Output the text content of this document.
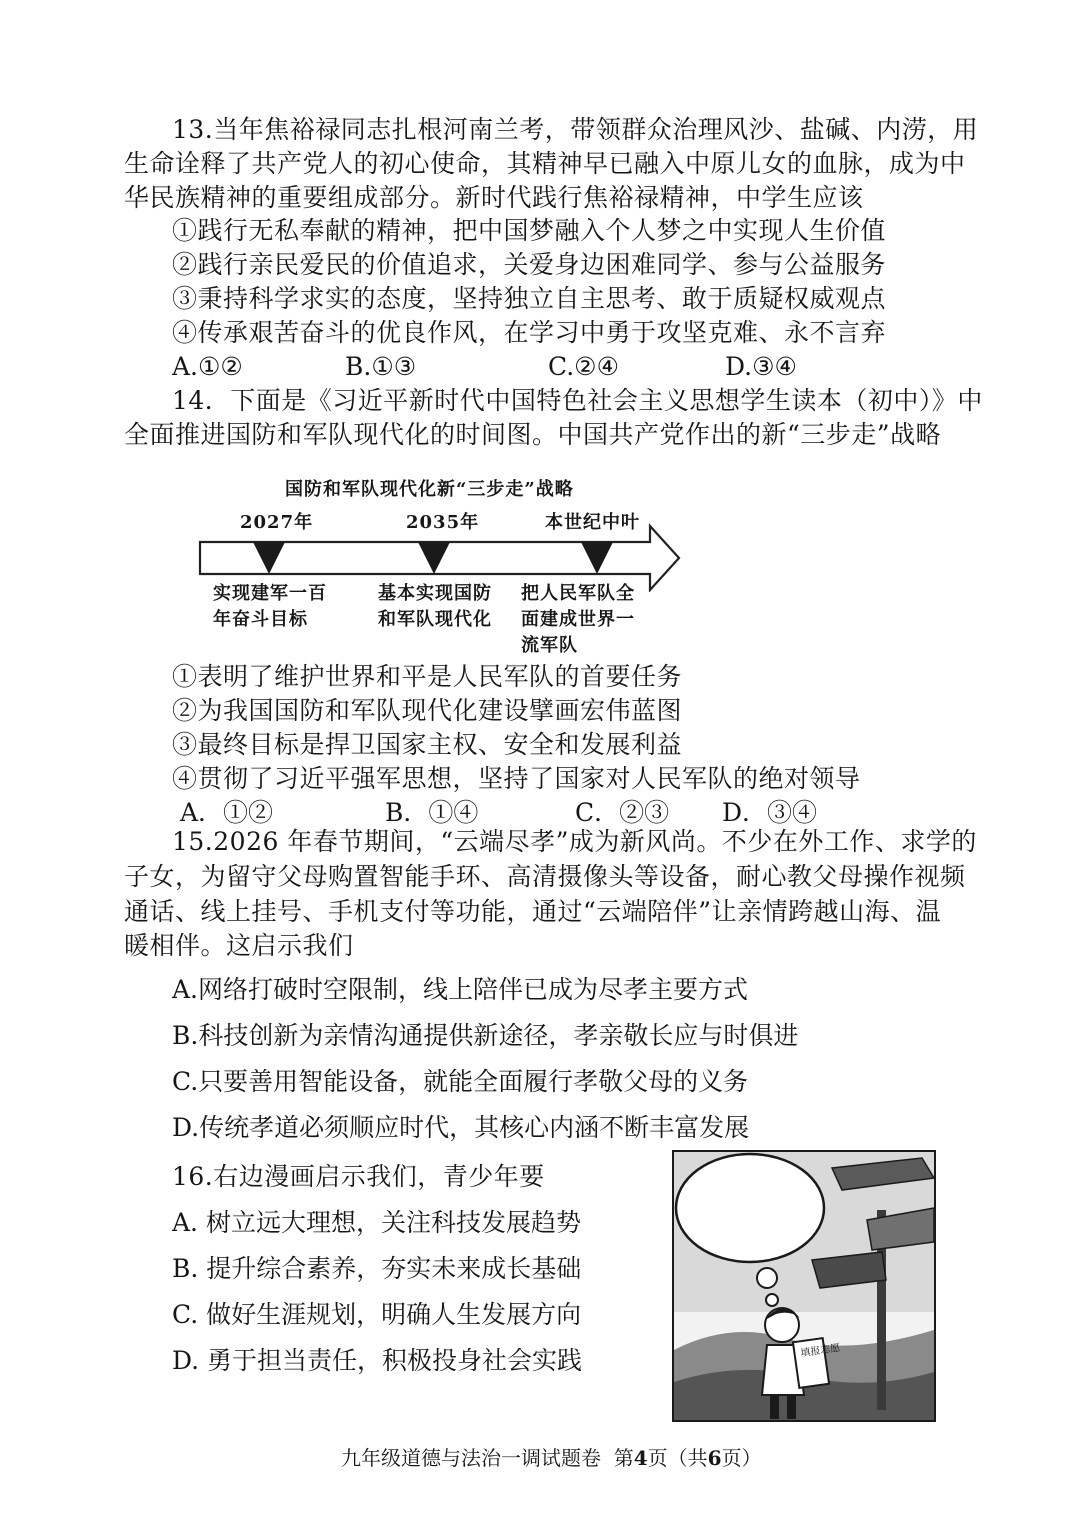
13.当年焦裕禄同志扎根河南兰考，带领群众治理风沙、盐碱、内涝，用
生命诠释了共产党人的初心使命，其精神早已融入中原儿女的血脉，成为中
华民族精神的重要组成部分。新时代践行焦裕禄精神，中学生应该
①践行无私奉献的精神，把中国梦融入个人梦之中实现人生价值
②践行亲民爱民的价值追求，关爱身边困难同学、参与公益服务
③秉持科学求实的态度，坚持独立自主思考、敢于质疑权威观点
④传承艰苦奋斗的优良作风，在学习中勇于攻坚克难、永不言弃
A.①②	B.①③	C.②④	D.③④
14．下面是《习近平新时代中国特色社会主义思想学生读本（初中）》中
全面推进国防和军队现代化的时间图。中国共产党作出的新“三步走”战略
国防和军队现代化新“三步走”战略
2027年	2035年	本世纪中叶
实现建军一百
年奋斗目标
基本实现国防
和军队现代化
把人民军队全
面建成世界一
流军队
①表明了维护世界和平是人民军队的首要任务
②为我国国防和军队现代化建设擘画宏伟蓝图
③最终目标是捍卫国家主权、安全和发展利益
④贯彻了习近平强军思想，坚持了国家对人民军队的绝对领导
A．①②	B．①④	C．②③ D．③④
15.2026 年春节期间，“云端尽孝”成为新风尚。不少在外工作、求学的
子女，为留守父母购置智能手环、高清摄像头等设备，耐心教父母操作视频
通话、线上挂号、手机支付等功能，通过“云端陪伴”让亲情跨越山海、温
暖相伴。这启示我们
A.网络打破时空限制，线上陪伴已成为尽孝主要方式
B.科技创新为亲情沟通提供新途径，孝亲敬长应与时俱进
C.只要善用智能设备，就能全面履行孝敬父母的义务
D.传统孝道必须顺应时代，其核心内涵不断丰富发展
16.右边漫画启示我们，青少年要
A. 树立远大理想，关注科技发展趋势
B. 提升综合素养，夯实未来成长基础
C. 做好生涯规划，明确人生发展方向
D. 勇于担当责任，积极投身社会实践	填报志愿
九年级道德与法治一调试题卷 第4页（共6页）
